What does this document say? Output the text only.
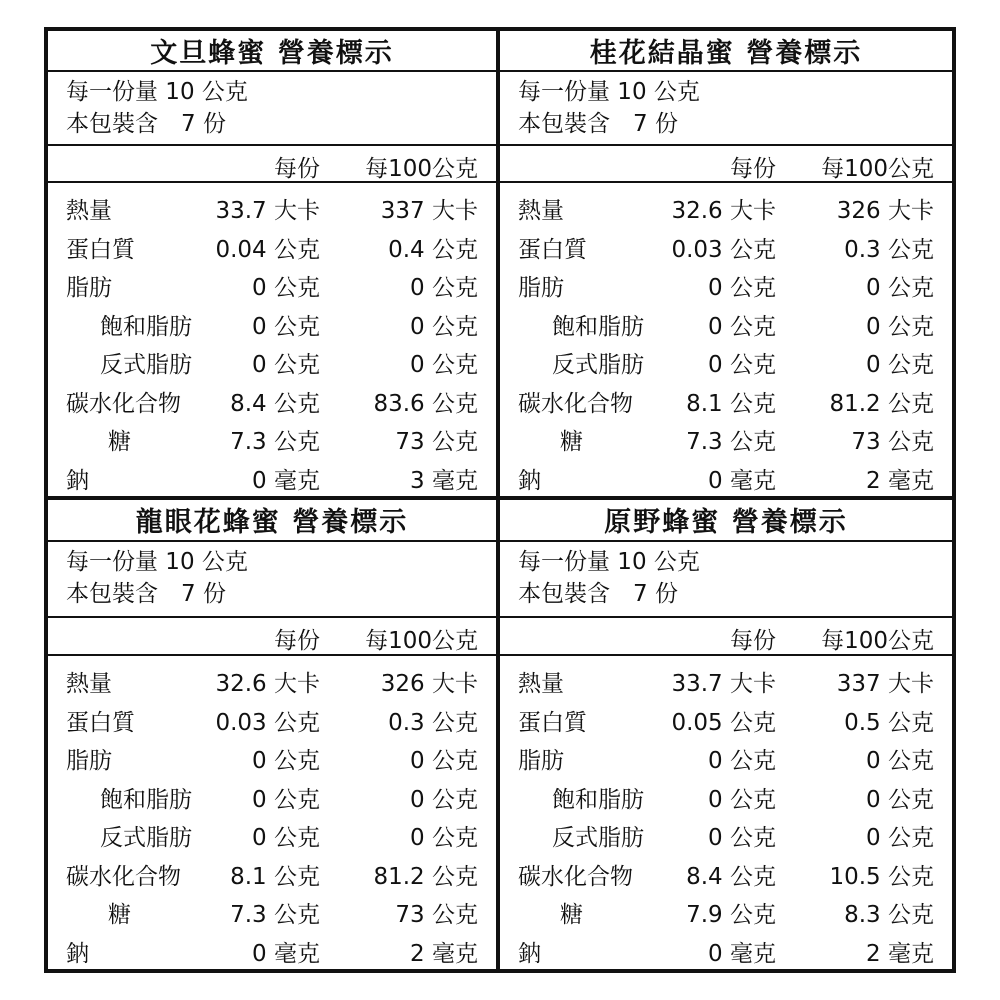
文旦蜂蜜 營養標示
每一份量 10 公克
本包裝含　7 份
每份 每100公克
熱量	33.7 大卡	337 大卡
蛋白質	0.04 公克	0.4 公克
脂肪	0 公克	0 公克
飽和脂肪	0 公克	0 公克
反式脂肪	0 公克	0 公克
碳水化合物 8.4 公克 83.6 公克
糖	7.3 公克	73 公克
鈉	0 毫克	3 毫克
桂花結晶蜜 營養標示
每一份量 10 公克
本包裝含　7 份
每份 每100公克
熱量	32.6 大卡	326 大卡
蛋白質	0.03 公克	0.3 公克
脂肪	0 公克	0 公克
飽和脂肪	0 公克	0 公克
反式脂肪	0 公克	0 公克
碳水化合物 8.1 公克 81.2 公克
糖	7.3 公克	73 公克
鈉	0 毫克	2 毫克
龍眼花蜂蜜 營養標示
每一份量 10 公克
本包裝含　7 份
每份 每100公克
熱量	32.6 大卡	326 大卡
蛋白質	0.03 公克	0.3 公克
脂肪	0 公克	0 公克
飽和脂肪	0 公克	0 公克
反式脂肪	0 公克	0 公克
碳水化合物 8.1 公克 81.2 公克
糖	7.3 公克	73 公克
鈉	0 毫克	2 毫克
原野蜂蜜 營養標示
每一份量 10 公克
本包裝含　7 份
每份 每100公克
熱量	33.7 大卡	337 大卡
蛋白質	0.05 公克	0.5 公克
脂肪	0 公克	0 公克
飽和脂肪	0 公克	0 公克
反式脂肪	0 公克	0 公克
碳水化合物 8.4 公克 10.5 公克
糖	7.9 公克	8.3 公克
鈉	0 毫克	2 毫克
